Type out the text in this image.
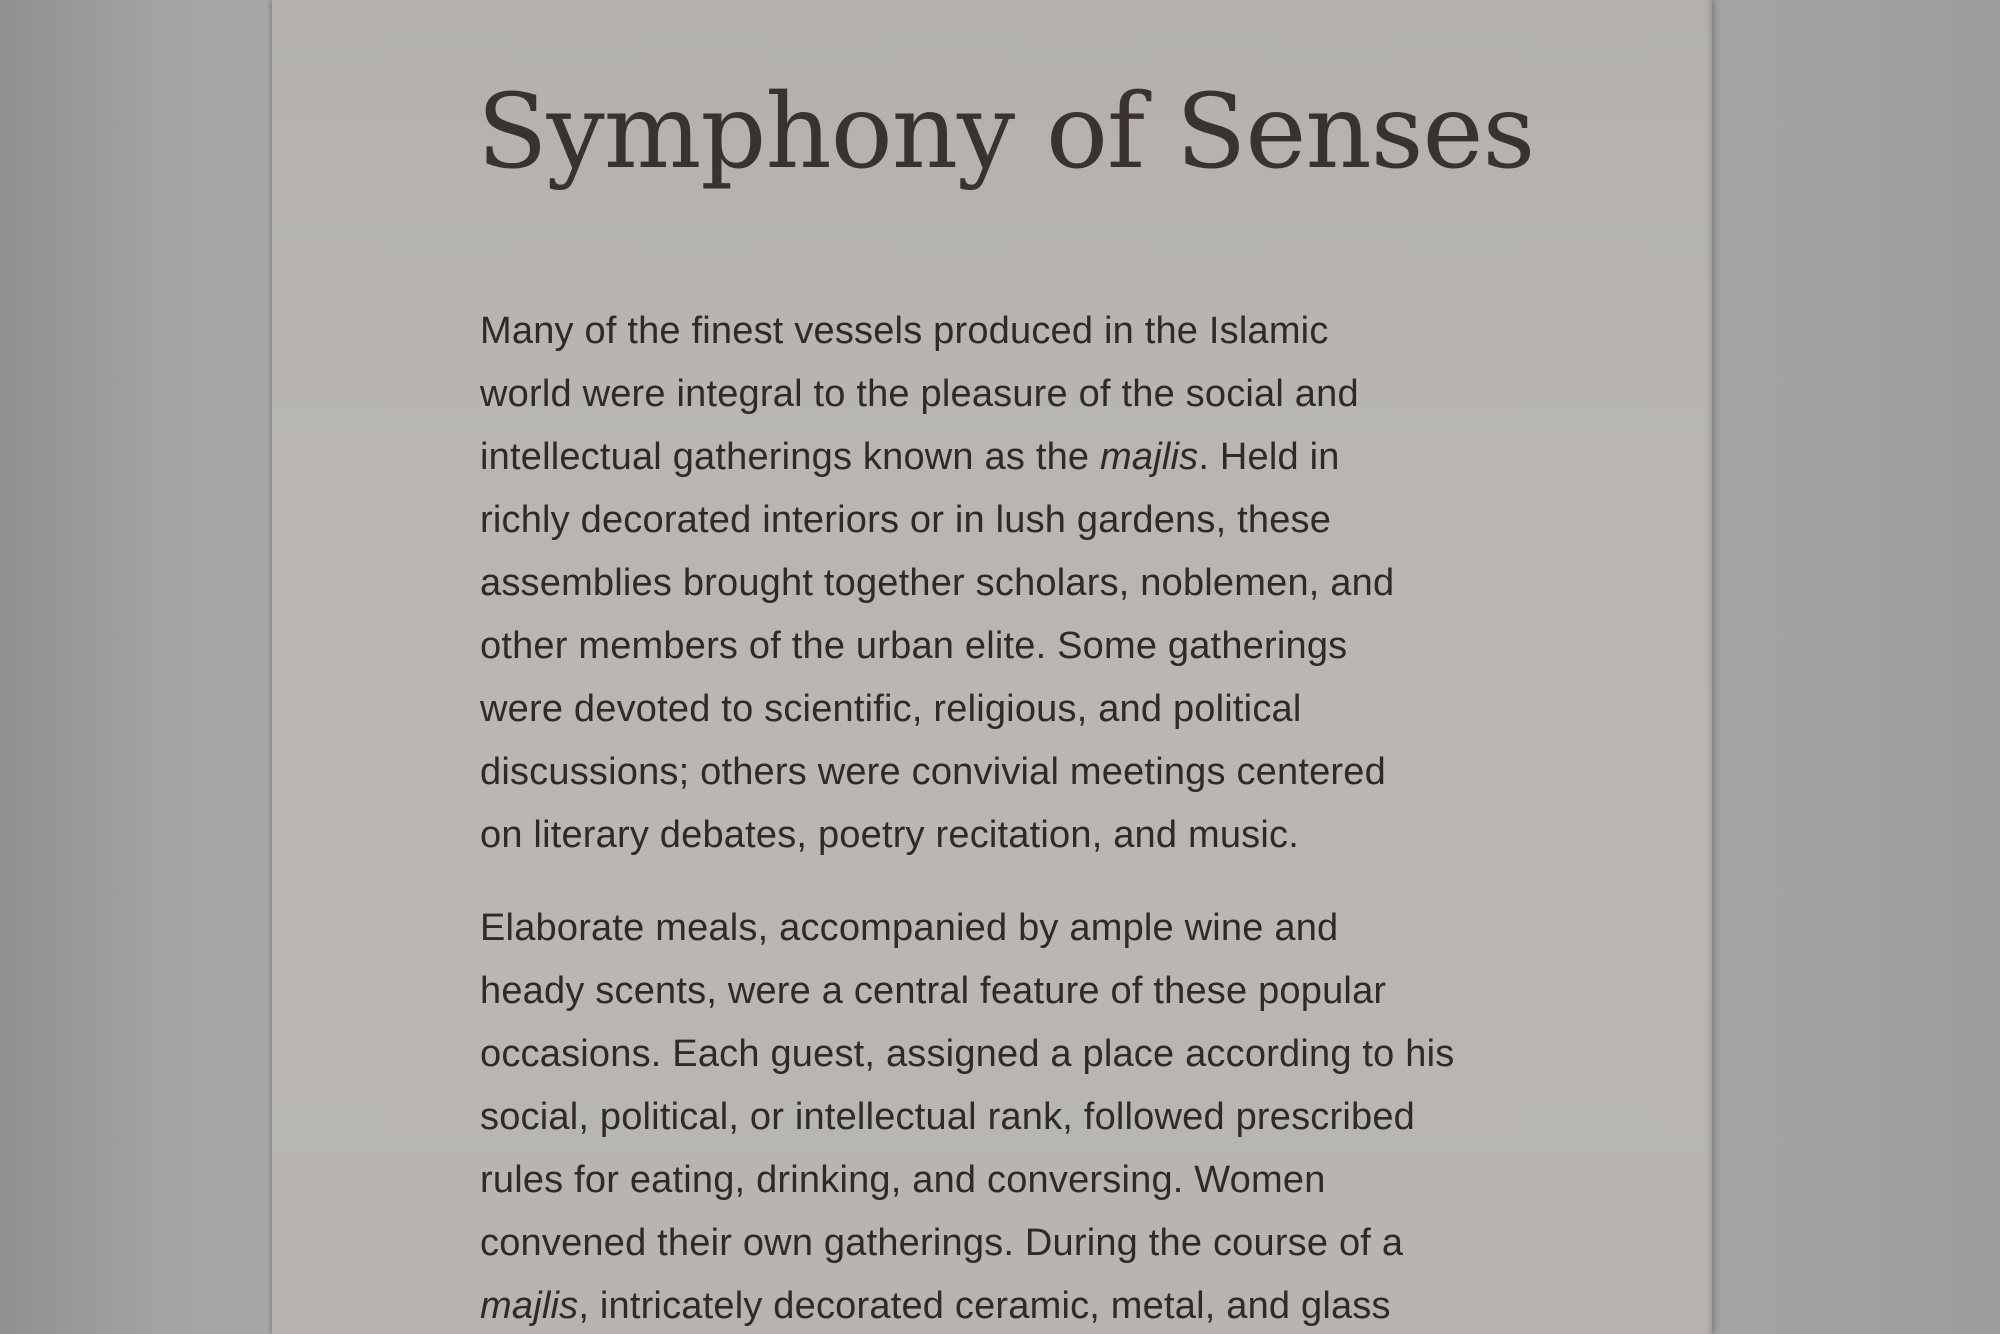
Symphony of Senses

Many of the finest vessels produced in the Islamic
world were integral to the pleasure of the social and
intellectual gatherings known as the majlis. Held in
richly decorated interiors or in lush gardens, these
assemblies brought together scholars, noblemen, and
other members of the urban elite. Some gatherings
were devoted to scientific, religious, and political
discussions; others were convivial meetings centered
on literary debates, poetry recitation, and music.

Elaborate meals, accompanied by ample wine and
heady scents, were a central feature of these popular
occasions. Each guest, assigned a place according to his
social, political, or intellectual rank, followed prescribed
rules for eating, drinking, and conversing. Women
convened their own gatherings. During the course of a
majlis, intricately decorated ceramic, metal, and glass
